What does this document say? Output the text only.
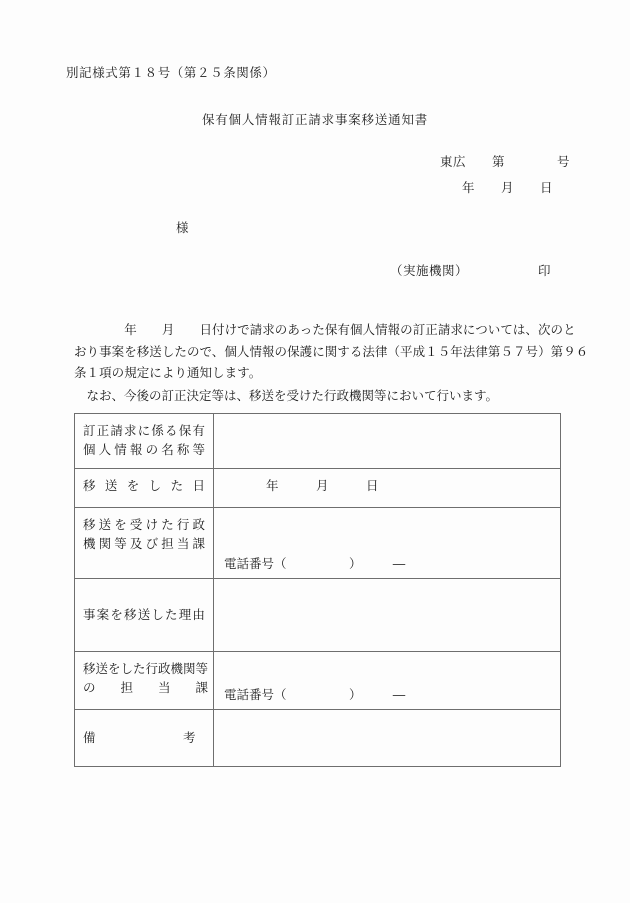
別記様式第１８号（第２５条関係）
保有個人情報訂正請求事案移送通知書
東広　　第　　　　号
年　　月　　日
様
（実施機関）	印
　　　　年　　月　　日付けで請求のあった保有個人情報の訂正請求については、次のと
おり事案を移送したので、個人情報の保護に関する法律（平成１５年法律第５７号）第９６
条１項の規定により通知します。
　なお、今後の訂正決定等は、移送を受けた行政機関等において行います。
訂 正 請 求 に 係 る 保 有
個 人 情 報 の 名 称 等

移 送 を し た 日	年　　　月　　　日

移 送 を 受 け た 行 政
機 関 等 及 び 担 当 課

電話番号（　　　　　）　　　―

事 案 を 移 送 し た 理 由

移送をした行政機関等
の　　担　　当　　課	電話番号（　　　　　）　　　―

備　　　　　　　考	
